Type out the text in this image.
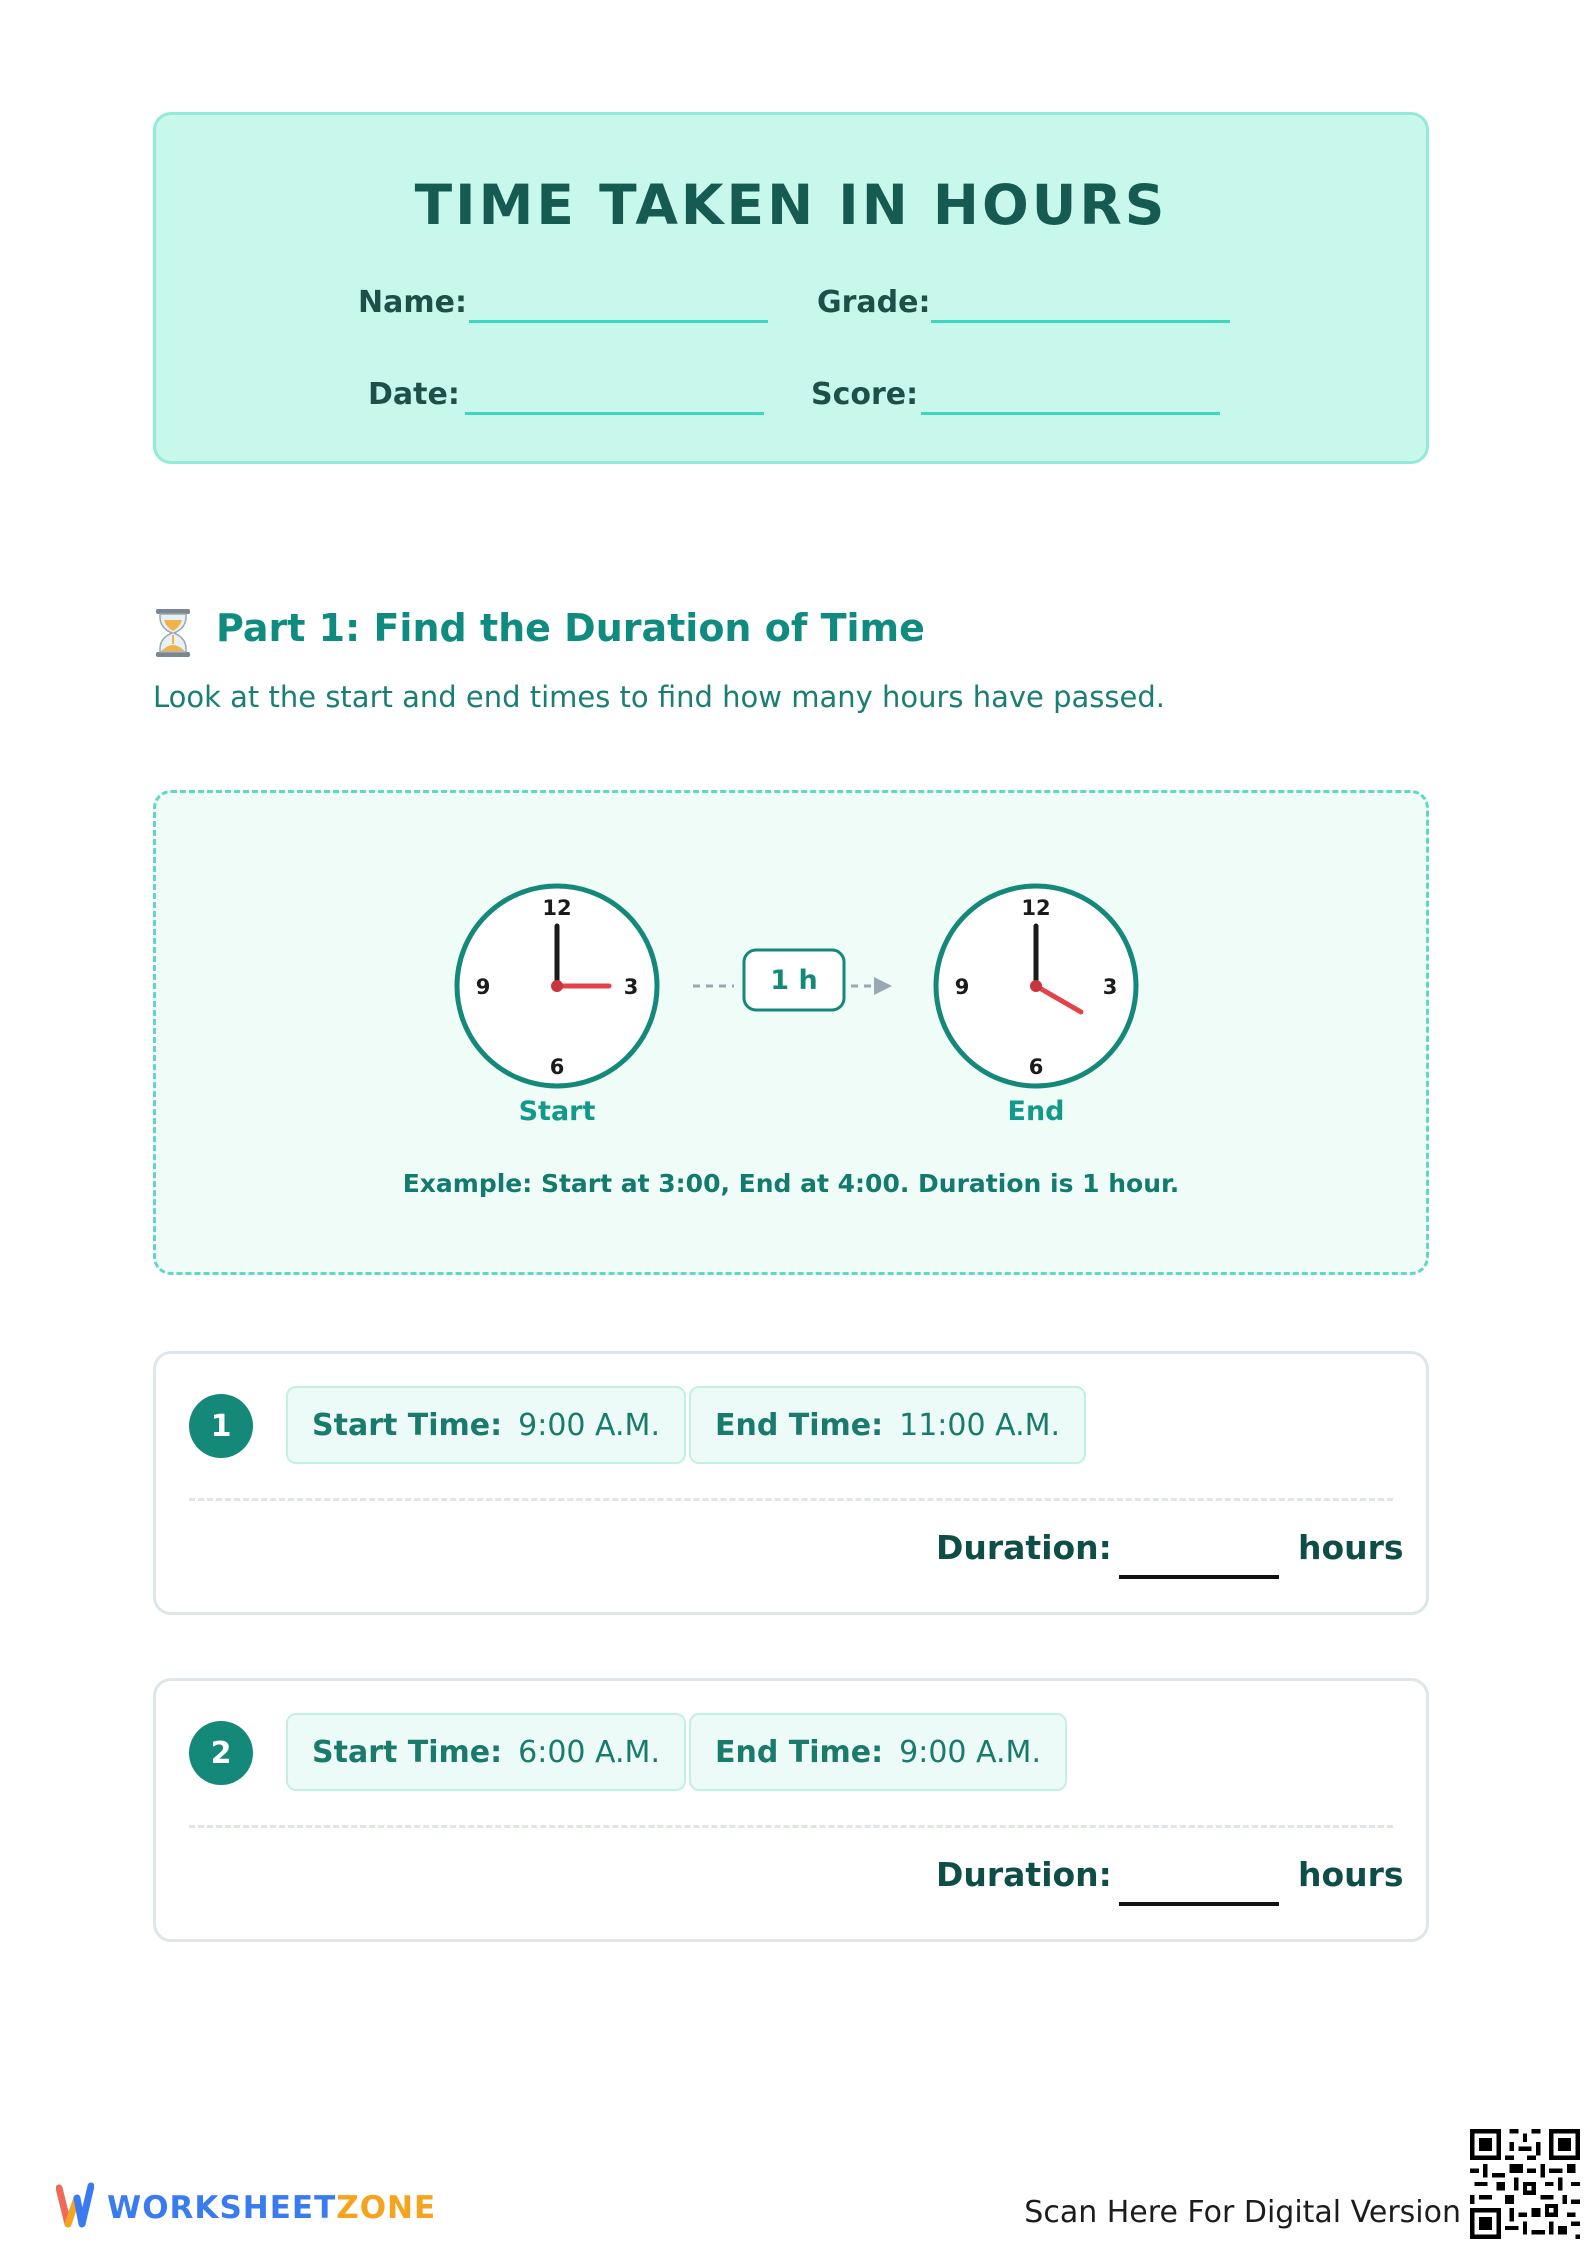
TIME TAKEN IN HOURS
Name:	Grade:
Date:	Score:
Part 1: Find the Duration of Time
Look at the start and end times to find how many hours have passed.
12
3
6
9	1 h
12
3
6
9
Start	End
Example: Start at 3:00, End at 4:00. Duration is 1 hour.
1	Start Time: 9:00 A.M. End Time: 11:00 A.M.
Duration:	hours
2	Start Time: 6:00 A.M. End Time: 9:00 A.M.
Duration:	hours
WORKSHEETZONE	Scan Here For Digital Version
